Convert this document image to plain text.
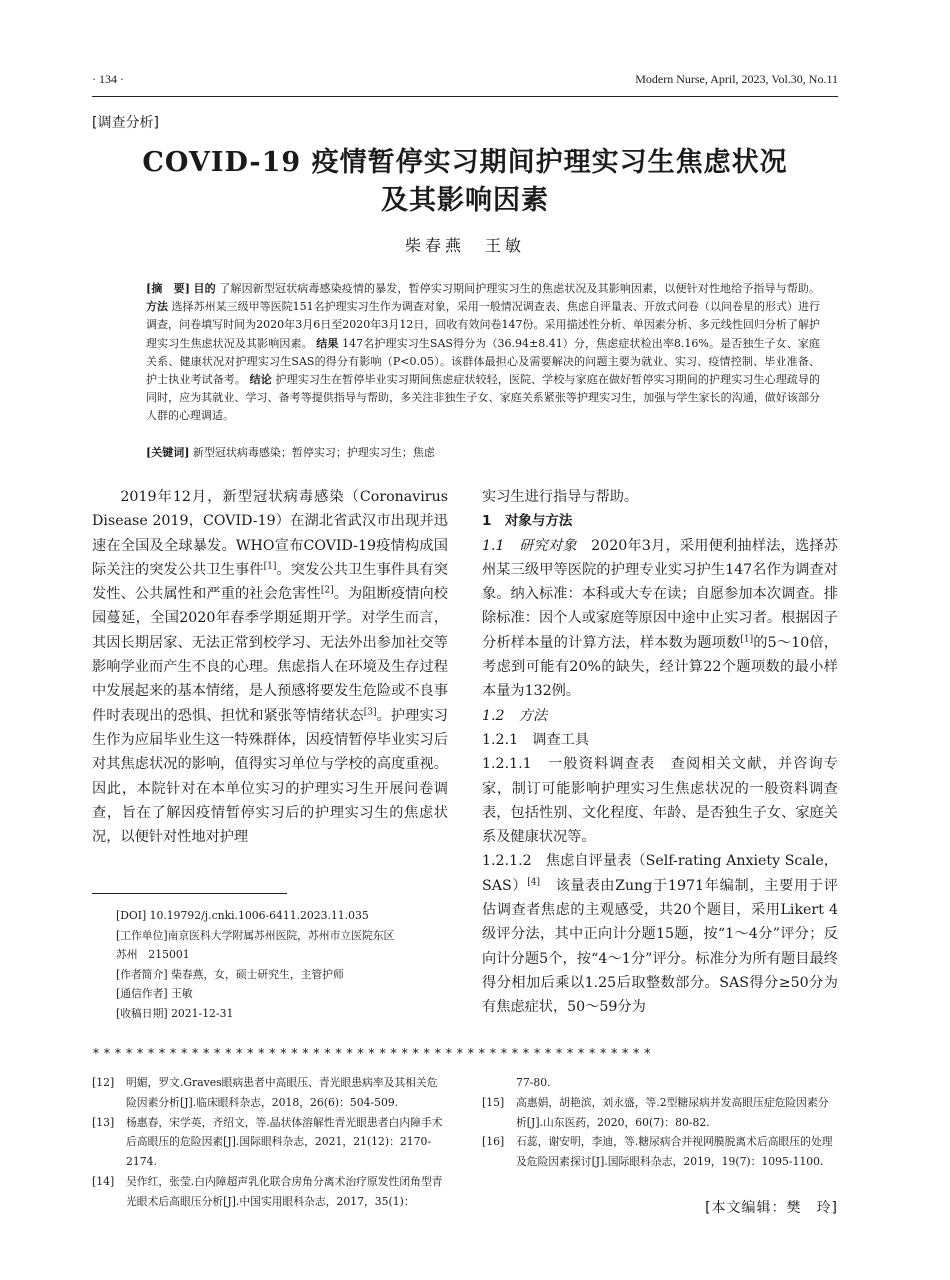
· 134 ·	Modern Nurse, April, 2023, Vol.30, No.11
[调查分析]
COVID-19 疫情暂停实习期间护理实习生焦虑状况
及其影响因素
柴春燕　王敏
[摘　要] 目的 了解因新型冠状病毒感染疫情的暴发，暂停实习期间护理实习生的焦虑状况及其影响因素，以便针对性地给予指导与帮助。 方法 选择苏州某三级甲等医院151名护理实习生作为调查对象，采用一般情况调查表、焦虑自评量表、开放式问卷（以问卷星的形式）进行调查，问卷填写时间为2020年3月6日至2020年3月12日，回收有效问卷147份。采用描述性分析、单因素分析、多元线性回归分析了解护理实习生焦虑状况及其影响因素。 结果 147名护理实习生SAS得分为（36.94±8.41）分，焦虑症状检出率8.16%。是否独生子女、家庭关系、健康状况对护理实习生SAS的得分有影响（P<0.05）。该群体最担心及需要解决的问题主要为就业、实习、疫情控制、毕业准备、护士执业考试备考。 结论 护理实习生在暂停毕业实习期间焦虑症状较轻，医院、学校与家庭在做好暂停实习期间的护理实习生心理疏导的同时，应为其就业、学习、备考等提供指导与帮助，多关注非独生子女、家庭关系紧张等护理实习生，加强与学生家长的沟通，做好该部分人群的心理调适。
[关键词] 新型冠状病毒感染；暂停实习；护理实习生；焦虑

2019年12月，新型冠状病毒感染（Coronavirus Disease 2019，COVID-19）在湖北省武汉市出现并迅速在全国及全球暴发。WHO宣布COVID-19疫情构成国际关注的突发公共卫生事件[1]。突发公共卫生事件具有突发性、公共属性和严重的社会危害性[2]。为阻断疫情向校园蔓延，全国2020年春季学期延期开学。对学生而言，其因长期居家、无法正常到校学习、无法外出参加社交等影响学业而产生不良的心理。焦虑指人在环境及生存过程中发展起来的基本情绪，是人预感将要发生危险或不良事件时表现出的恐惧、担忧和紧张等情绪状态[3]。护理实习生作为应届毕业生这一特殊群体，因疫情暂停毕业实习后对其焦虑状况的影响，值得实习单位与学校的高度重视。因此，本院针对在本单位实习的护理实习生开展问卷调查，旨在了解因疫情暂停实习后的护理实习生的焦虑状况，以便针对性地对护理

[DOI] 10.19792/j.cnki.1006-6411.2023.11.035
[工作单位]南京医科大学附属苏州医院，苏州市立医院东区
苏州　215001
[作者简介] 柴春燕，女，硕士研究生，主管护师
[通信作者] 王敏
[收稿日期] 2021-12-31

实习生进行指导与帮助。

1　对象与方法

1.1　研究对象　 2020年3月，采用便利抽样法，选择苏州某三级甲等医院的护理专业实习护生147名作为调查对象。纳入标准：本科或大专在读；自愿参加本次调查。排除标准：因个人或家庭等原因中途中止实习者。根据因子分析样本量的计算方法，样本数为题项数[1]的5～10倍，考虑到可能有20%的缺失，经计算22个题项数的最小样本量为132例。

1.2　方法

1.2.1　调查工具

1.2.1.1　一般资料调查表　 查阅相关文献，并咨询专家，制订可能影响护理实习生焦虑状况的一般资料调查表，包括性别、文化程度、年龄、是否独生子女、家庭关系及健康状况等。

1.2.1.2　焦虑自评量表（Self-rating Anxiety Scale，SAS）[4]　 该量表由Zung于1971年编制，主要用于评估调查者焦虑的主观感受，共20个题目，采用Likert 4级评分法，其中正向计分题15题，按“1～4分”评分；反向计分题5个，按“4～1分”评分。标准分为所有题目最终得分相加后乘以1.25后取整数部分。SAS得分≥50分为有焦虑症状，50～59分为

∗∗∗∗∗∗∗∗∗∗∗∗∗∗∗∗∗∗∗∗∗∗∗∗∗∗∗∗∗∗∗∗∗∗∗∗∗∗∗∗∗∗∗∗∗∗∗∗∗∗∗
[12]	明媚，罗文.Graves眼病患者中高眼压、青光眼患病率及其相关危险因素分析[J].临床眼科杂志，2018，26(6)：504-509.
[13]	杨惠春，宋学英，齐绍文，等.晶状体溶解性青光眼患者白内障手术后高眼压的危险因素[J].国际眼科杂志，2021，21(12)：2170-2174.
[14]	吴作红，张莹.白内障超声乳化联合房角分离术治疗原发性闭角型青光眼术后高眼压分析[J].中国实用眼科杂志，2017，35(1)：
77-80.
[15]	高惠娟，胡艳滨，刘永盛，等.2型糖尿病并发高眼压症危险因素分析[J].山东医药，2020，60(7)：80-82.
[16]	石蕊，谢安明，李迪，等.糖尿病合并视网膜脱离术后高眼压的处理及危险因素探讨[J].国际眼科杂志，2019，19(7)：1095-1100.
[本文编辑：樊　玲]
